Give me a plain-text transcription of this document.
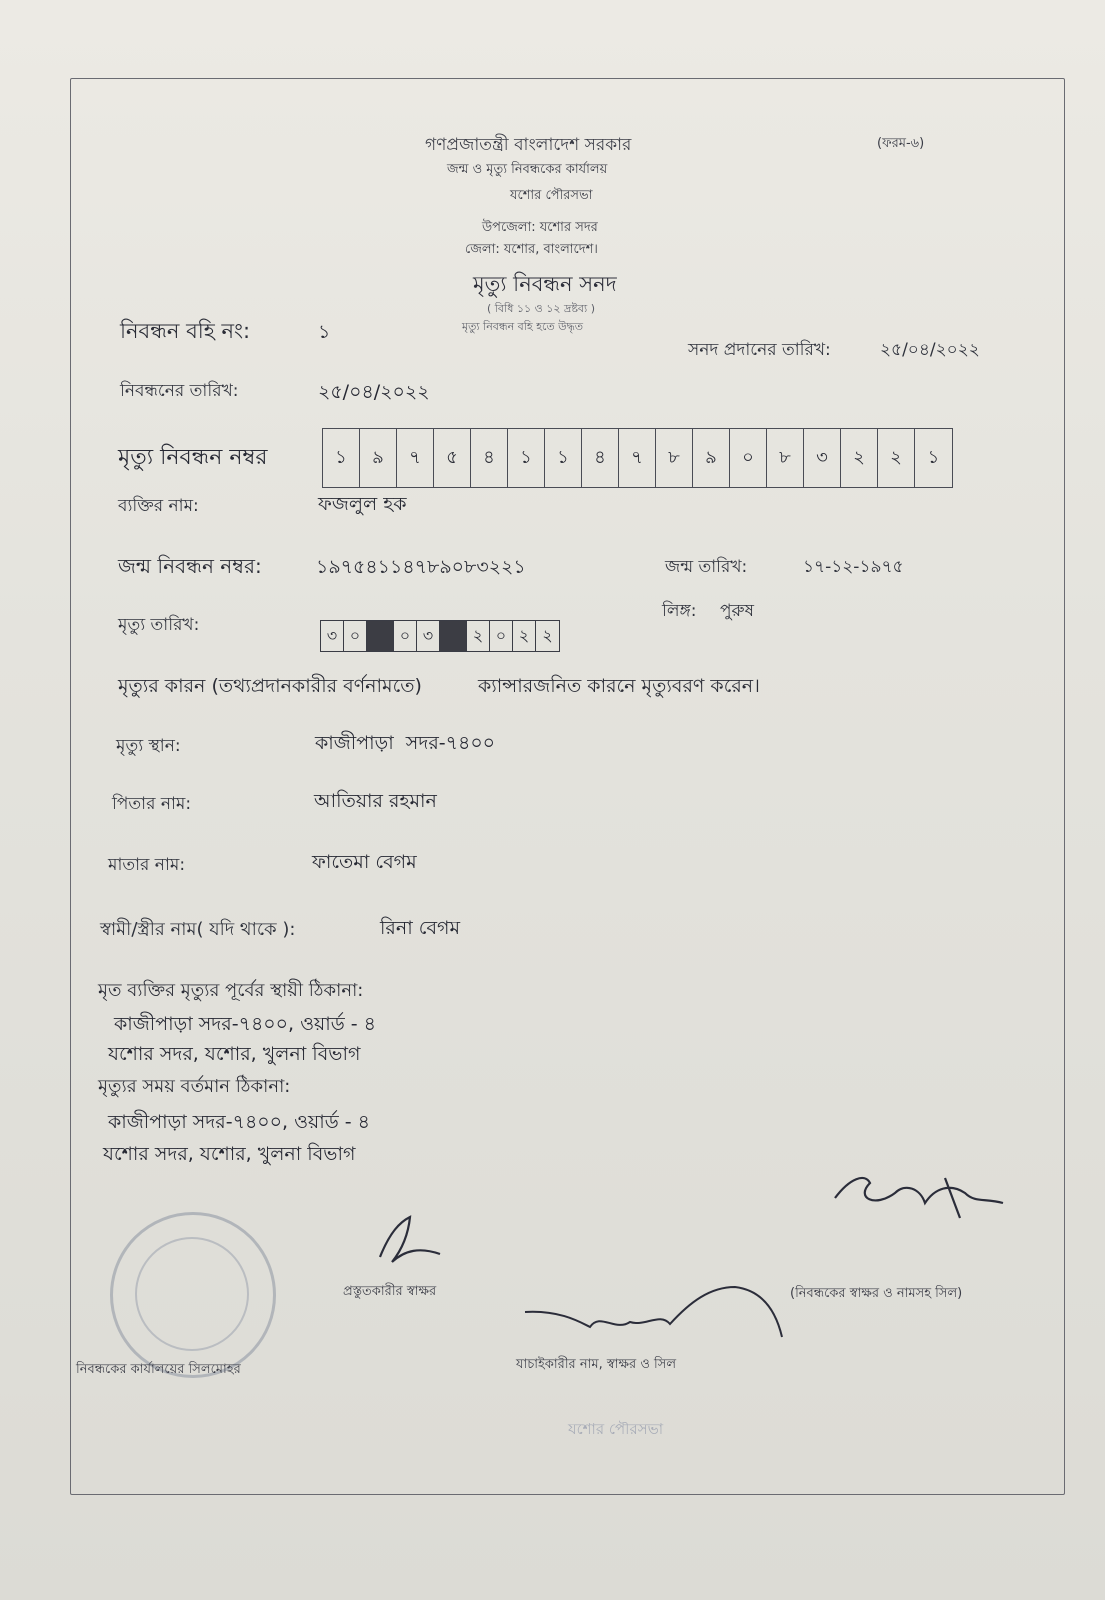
গণপ্রজাতন্ত্রী বাংলাদেশ সরকার	(ফরম-৬)
জন্ম ও মৃত্যু নিবন্ধকের কার্যালয়
যশোর পৌরসভা
উপজেলা: যশোর সদর
জেলা: যশোর, বাংলাদেশ।
মৃত্যু নিবন্ধন সনদ
( বিধি ১১ ও ১২ দ্রষ্টব্য )
মৃত্যু নিবন্ধন বহি হতে উদ্ধৃত
নিবন্ধন বহি নং:	১
সনদ প্রদানের তারিখ:	২৫/০৪/২০২২
নিবন্ধনের তারিখ:	২৫/০৪/২০২২
মৃত্যু নিবন্ধন নম্বর	১	৯	৭	৫	৪	১	১	৪	৭	৮	৯	০	৮	৩	২	২	১
ব্যক্তির নাম:	ফজলুল হক
জন্ম নিবন্ধন নম্বর:	১৯৭৫৪১১৪৭৮৯০৮৩২২১	জন্ম তারিখ:	১৭-১২-১৯৭৫
মৃত্যু তারিখ:	৩ ০	০ ৩	২ ০ ২ ২
লিঙ্গ: পুরুষ
মৃত্যুর কারন (তথ্যপ্রদানকারীর বর্ণনামতে)	ক্যান্সারজনিত কারনে মৃত্যুবরণ করেন।
মৃত্যু স্থান:	কাজীপাড়া  সদর-৭৪০০
পিতার নাম:	আতিয়ার রহমান
মাতার নাম:	ফাতেমা বেগম
স্বামী/স্ত্রীর নাম( যদি থাকে ):	রিনা বেগম
মৃত ব্যক্তির মৃত্যুর পূর্বের স্থায়ী ঠিকানা:
কাজীপাড়া সদর-৭৪০০, ওয়ার্ড - ৪
যশোর সদর, যশোর, খুলনা বিভাগ
মৃত্যুর সময় বর্তমান ঠিকানা:
কাজীপাড়া সদর-৭৪০০, ওয়ার্ড - ৪
যশোর সদর, যশোর, খুলনা বিভাগ
নিবন্ধকের কার্যালয়ের সিলমোহর
প্রস্তুতকারীর স্বাক্ষর
যাচাইকারীর নাম, স্বাক্ষর ও সিল
যশোর পৌরসভা
(নিবন্ধকের স্বাক্ষর ও নামসহ সিল)
